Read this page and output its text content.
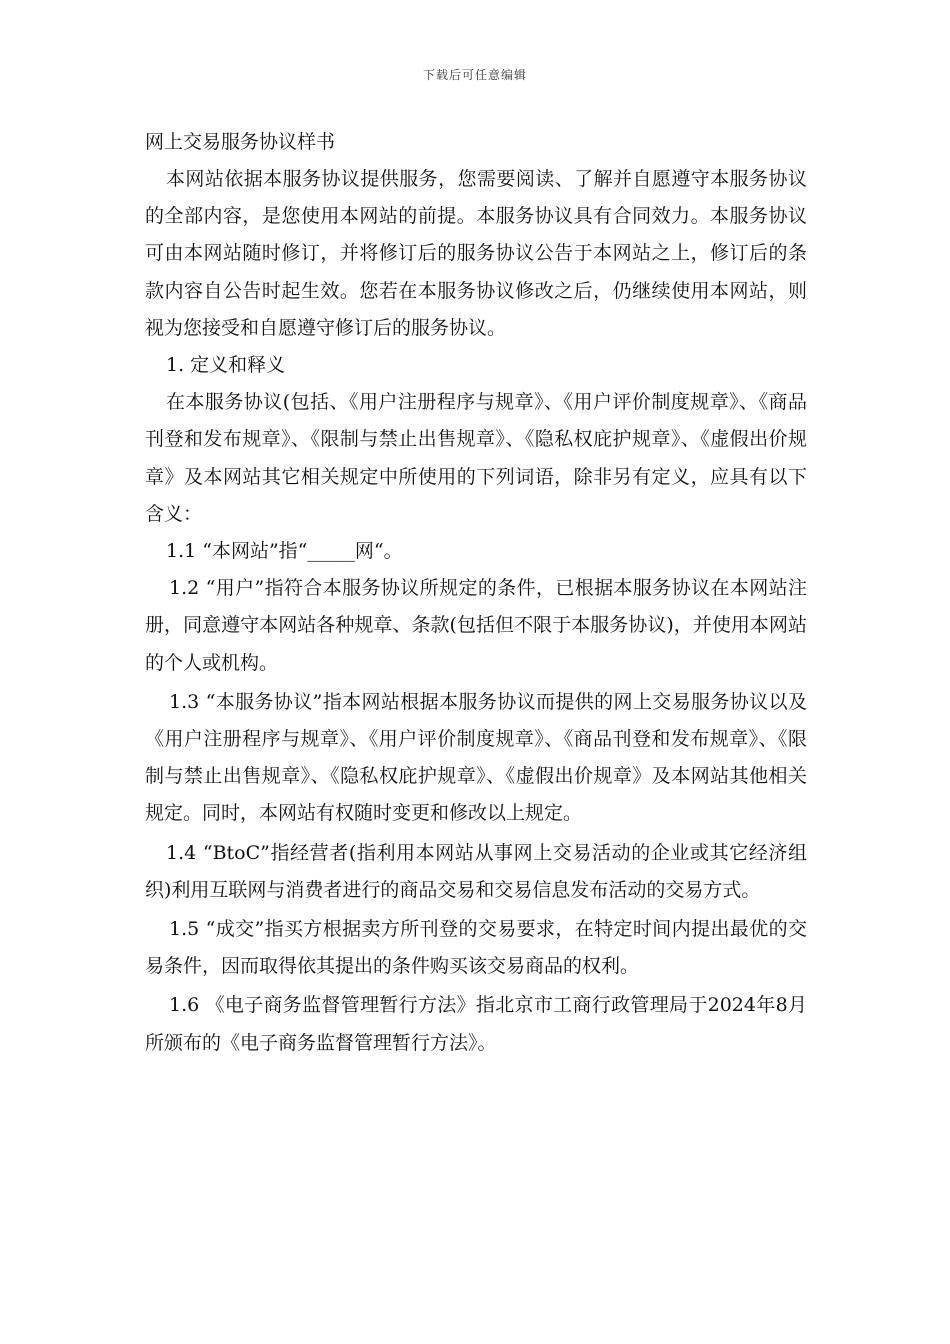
下载后可任意编辑

网上交易服务协议样书

本网站依据本服务协议提供服务，您需要阅读、了解并自愿遵守本服务协议的全部内容，是您使用本网站的前提。本服务协议具有合同效力。本服务协议可由本网站随时修订，并将修订后的服务协议公告于本网站之上，修订后的条款内容自公告时起生效。您若在本服务协议修改之后，仍继续使用本网站，则视为您接受和自愿遵守修订后的服务协议。

1. 定义和释义

在本服务协议(包括、《用户注册程序与规章》、《用户评价制度规章》、《商品刊登和发布规章》、《限制与禁止出售规章》、《隐私权庇护规章》、《虚假出价规章》及本网站其它相关规定中所使用的下列词语，除非另有定义，应具有以下含义：

1.1 “本网站”指“_____网“。

1.2 “用户”指符合本服务协议所规定的条件，已根据本服务协议在本网站注册，同意遵守本网站各种规章、条款(包括但不限于本服务协议)，并使用本网站的个人或机构。

1.3 “本服务协议”指本网站根据本服务协议而提供的网上交易服务协议以及《用户注册程序与规章》、《用户评价制度规章》、《商品刊登和发布规章》、《限制与禁止出售规章》、《隐私权庇护规章》、《虚假出价规章》及本网站其他相关规定。同时，本网站有权随时变更和修改以上规定。

1.4 “BtoC”指经营者(指利用本网站从事网上交易活动的企业或其它经济组织)利用互联网与消费者进行的商品交易和交易信息发布活动的交易方式。

1.5 “成交”指买方根据卖方所刊登的交易要求，在特定时间内提出最优的交易条件，因而取得依其提出的条件购买该交易商品的权利。

1.6 《电子商务监督管理暂行方法》指北京市工商行政管理局于2024年8月所颁布的《电子商务监督管理暂行方法》。
